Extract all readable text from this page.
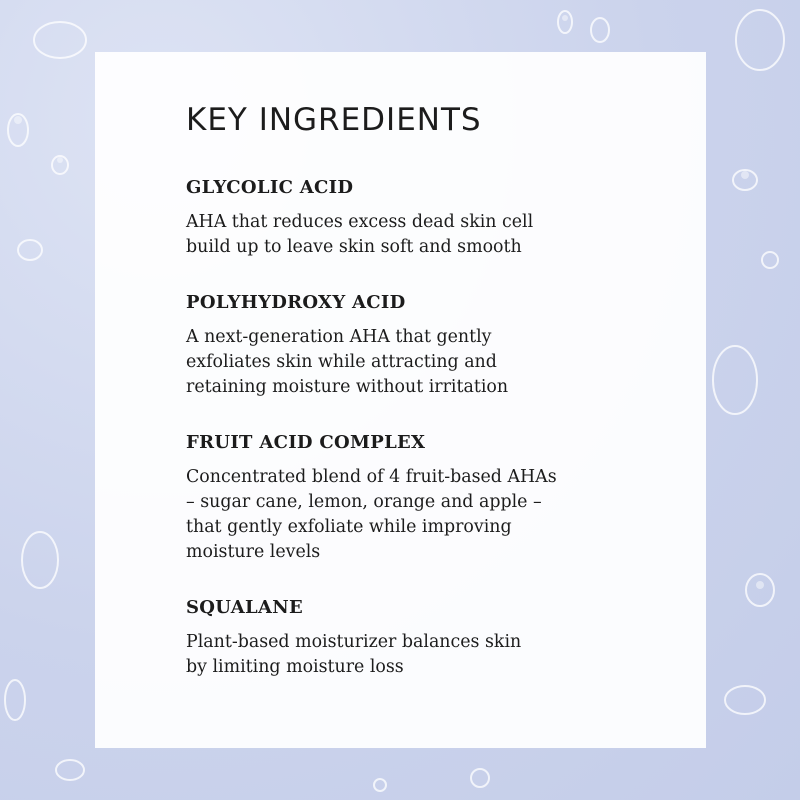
KEY INGREDIENTS
GLYCOLIC ACID

AHA that reduces excess dead skin cell
build up to leave skin soft and smooth

POLYHYDROXY ACID

A next-generation AHA that gently
exfoliates skin while attracting and
retaining moisture without irritation

FRUIT ACID COMPLEX

Concentrated blend of 4 fruit-based AHAs
– sugar cane, lemon, orange and apple –
that gently exfoliate while improving
moisture levels

SQUALANE

Plant-based moisturizer balances skin
by limiting moisture loss
